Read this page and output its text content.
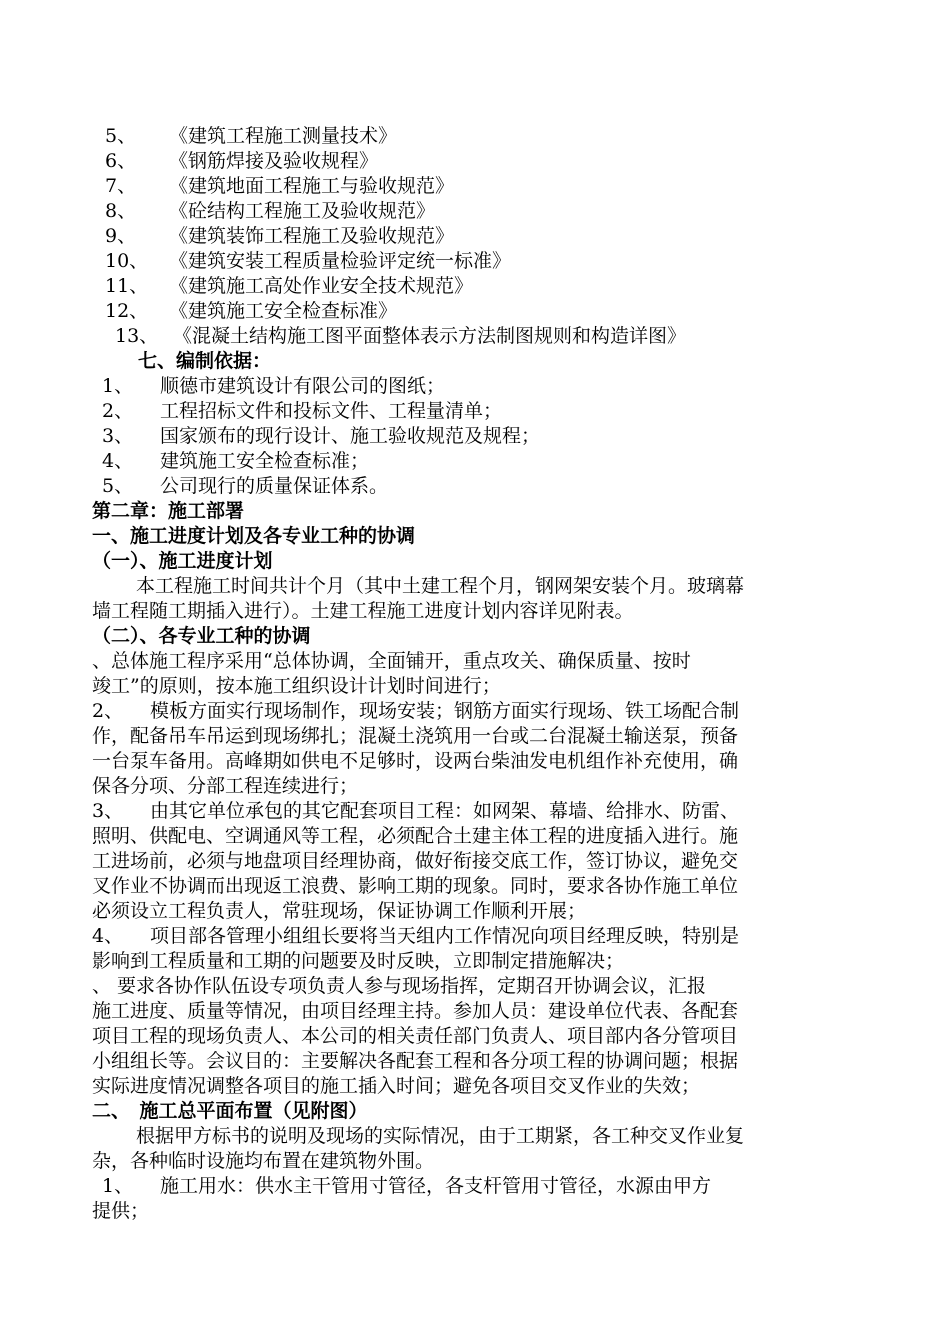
5、 《建筑工程施工测量技术》
6、 《钢筋焊接及验收规程》
7、 《建筑地面工程施工与验收规范》
8、 《砼结构工程施工及验收规范》
9、 《建筑装饰工程施工及验收规范》
10、 《建筑安装工程质量检验评定统一标准》
11、 《建筑施工高处作业安全技术规范》
12、 《建筑施工安全检查标准》
13、 《混凝土结构施工图平面整体表示方法制图规则和构造详图》
七、编制依据：
1、 顺德市建筑设计有限公司的图纸；
2、 工程招标文件和投标文件、工程量清单；
3、 国家颁布的现行设计、施工验收规范及规程；
4、 建筑施工安全检查标准；
5、 公司现行的质量保证体系。
第二章：施工部署
一、施工进度计划及各专业工种的协调
（一）、施工进度计划
本工程施工时间共计个月（其中土建工程个月，钢网架安装个月。玻璃幕
墙工程随工期插入进行）。土建工程施工进度计划内容详见附表。
（二）、各专业工种的协调
、总体施工程序采用“总体协调，全面铺开，重点攻关、确保质量、按时
竣工”的原则，按本施工组织设计计划时间进行；
2、 模板方面实行现场制作，现场安装；钢筋方面实行现场、铁工场配合制
作，配备吊车吊运到现场绑扎；混凝土浇筑用一台或二台混凝土输送泵，预备
一台泵车备用。高峰期如供电不足够时，设两台柴油发电机组作补充使用，确
保各分项、分部工程连续进行；
3、 由其它单位承包的其它配套项目工程：如网架、幕墙、给排水、防雷、
照明、供配电、空调通风等工程，必须配合土建主体工程的进度插入进行。施
工进场前，必须与地盘项目经理协商，做好衔接交底工作，签订协议，避免交
叉作业不协调而出现返工浪费、影响工期的现象。同时，要求各协作施工单位
必须设立工程负责人，常驻现场，保证协调工作顺利开展；
4、 项目部各管理小组组长要将当天组内工作情况向项目经理反映，特别是
影响到工程质量和工期的问题要及时反映，立即制定措施解决；
、 要求各协作队伍设专项负责人参与现场指挥，定期召开协调会议，汇报
施工进度、质量等情况，由项目经理主持。参加人员：建设单位代表、各配套
项目工程的现场负责人、本公司的相关责任部门负责人、项目部内各分管项目
小组组长等。会议目的：主要解决各配套工程和各分项工程的协调问题；根据
实际进度情况调整各项目的施工插入时间；避免各项目交叉作业的失效；
二、　施工总平面布置（见附图）
根据甲方标书的说明及现场的实际情况，由于工期紧，各工种交叉作业复
杂，各种临时设施均布置在建筑物外围。
1、 施工用水：供水主干管用寸管径，各支杆管用寸管径，水源由甲方
提供；
